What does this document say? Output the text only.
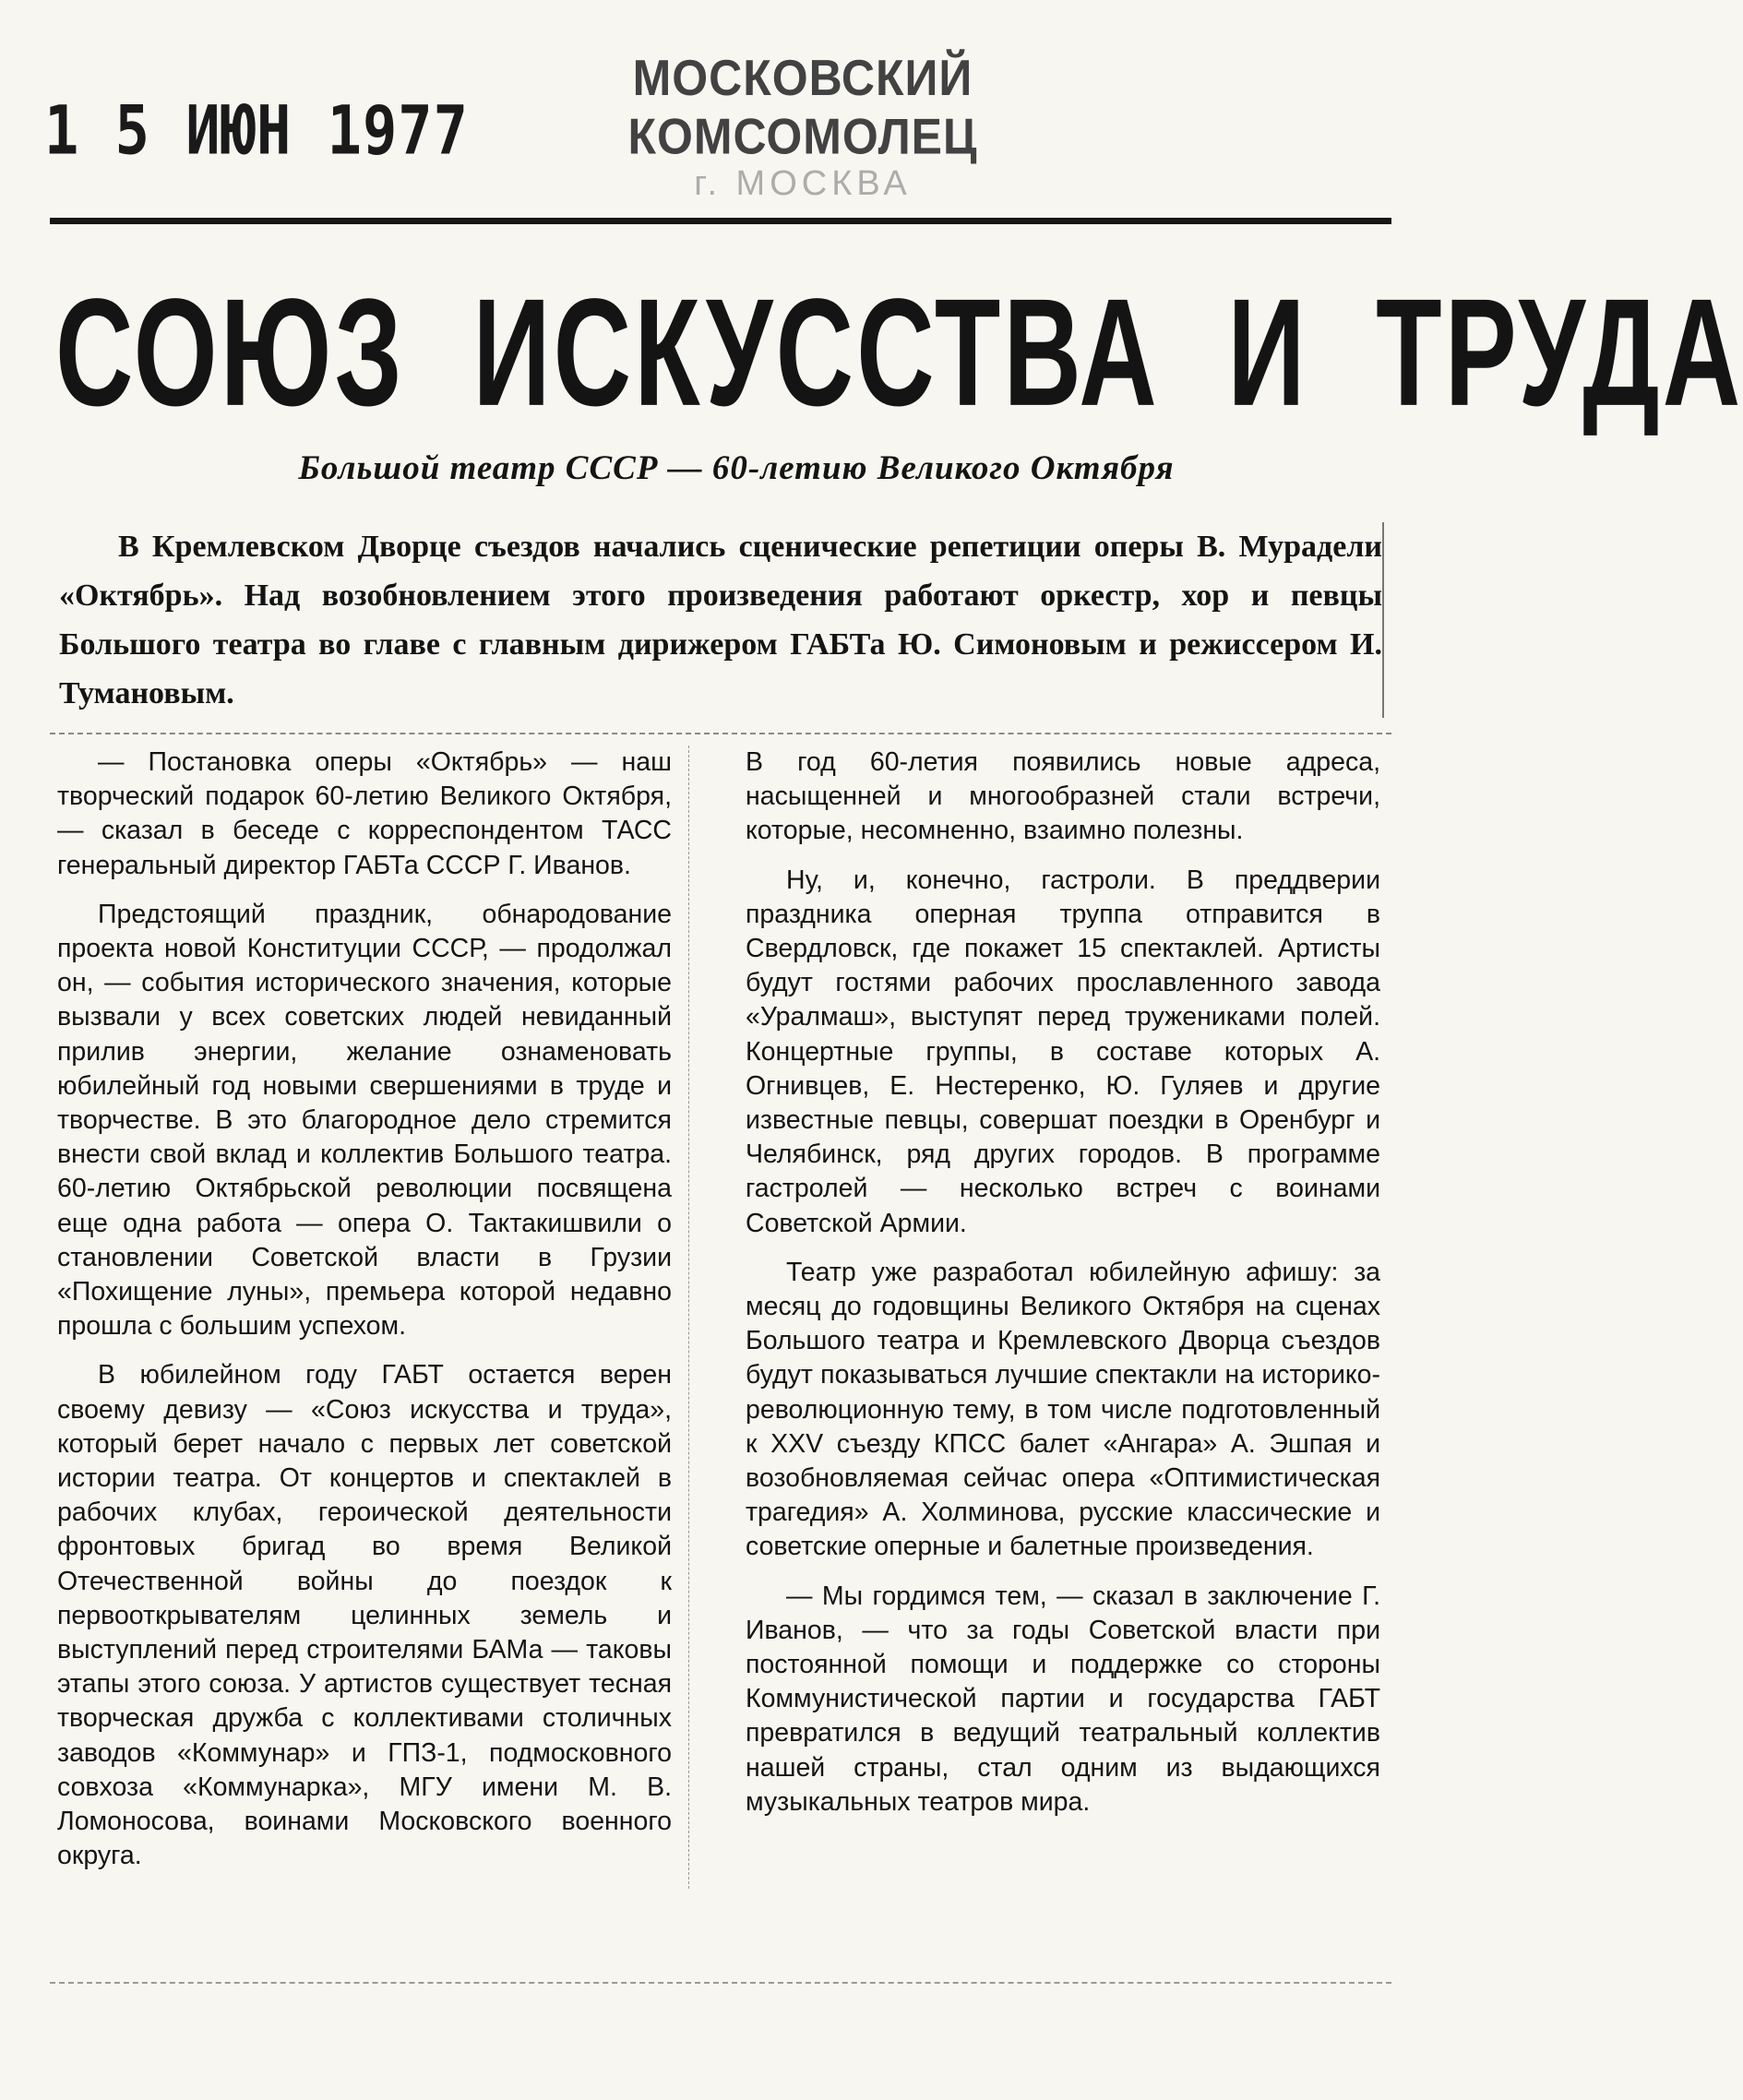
1 5 ИЮН 1977
МОСКОВСКИЙ КОМСОМОЛЕЦ
г. МОСКВА
СОЮЗ ИСКУССТВА И ТРУДА
Большой театр СССР — 60-летию Великого Октября
В Кремлевском Дворце съездов начались сценические репетиции оперы В. Мурадели «Октябрь». Над возобновлением этого произведения работают оркестр, хор и певцы Большого театра во главе с главным дирижером ГАБТа Ю. Симоновым и режиссером И. Тумановым.

— Постановка оперы «Октябрь» — наш творческий подарок 60-летию Великого Октября, — сказал в беседе с корреспондентом ТАСС генеральный директор ГАБТа СССР Г. Иванов.

Предстоящий праздник, обнародование проекта новой Конституции СССР, — продолжал он, — события исторического значения, которые вызвали у всех советских людей невиданный прилив энергии, желание ознаменовать юбилейный год новыми свершениями в труде и творчестве. В это благородное дело стремится внести свой вклад и коллектив Большого театра. 60-летию Октябрьской революции посвящена еще одна работа — опера О. Тактакишвили о становлении Советской власти в Грузии «Похищение луны», премьера которой недавно прошла с большим успехом.

В юбилейном году ГАБТ остается верен своему девизу — «Союз искусства и труда», который берет начало с первых лет советской истории театра. От концертов и спектаклей в рабочих клубах, героической деятельности фронтовых бригад во время Великой Отечественной войны до поездок к первооткрывателям целинных земель и выступлений перед строителями БАМа — таковы этапы этого союза. У артистов существует тесная творческая дружба с коллективами столичных заводов «Коммунар» и ГПЗ-1, подмосковного совхоза «Коммунарка», МГУ имени М. В. Ломоносова, воинами Московского военного округа.

В год 60-летия появились новые адреса, насыщенней и многообразней стали встречи, которые, несомненно, взаимно полезны.

Ну, и, конечно, гастроли. В преддверии праздника оперная труппа отправится в Свердловск, где покажет 15 спектаклей. Артисты будут гостями рабочих прославленного завода «Уралмаш», выступят перед тружениками полей. Концертные группы, в составе которых А. Огнивцев, Е. Нестеренко, Ю. Гуляев и другие известные певцы, совершат поездки в Оренбург и Челябинск, ряд других городов. В программе гастролей — несколько встреч с воинами Советской Армии.

Театр уже разработал юбилейную афишу: за месяц до годовщины Великого Октября на сценах Большого театра и Кремлевского Дворца съездов будут показываться лучшие спектакли на историко-революционную тему, в том числе подготовленный к XXV съезду КПСС балет «Ангара» А. Эшпая и возобновляемая сейчас опера «Оптимистическая трагедия» А. Холминова, русские классические и советские оперные и балетные произведения.

— Мы гордимся тем, — сказал в заключение Г. Иванов, — что за годы Советской власти при постоянной помощи и поддержке со стороны Коммунистической партии и государства ГАБТ превратился в ведущий театральный коллектив нашей страны, стал одним из выдающихся музыкальных театров мира.
